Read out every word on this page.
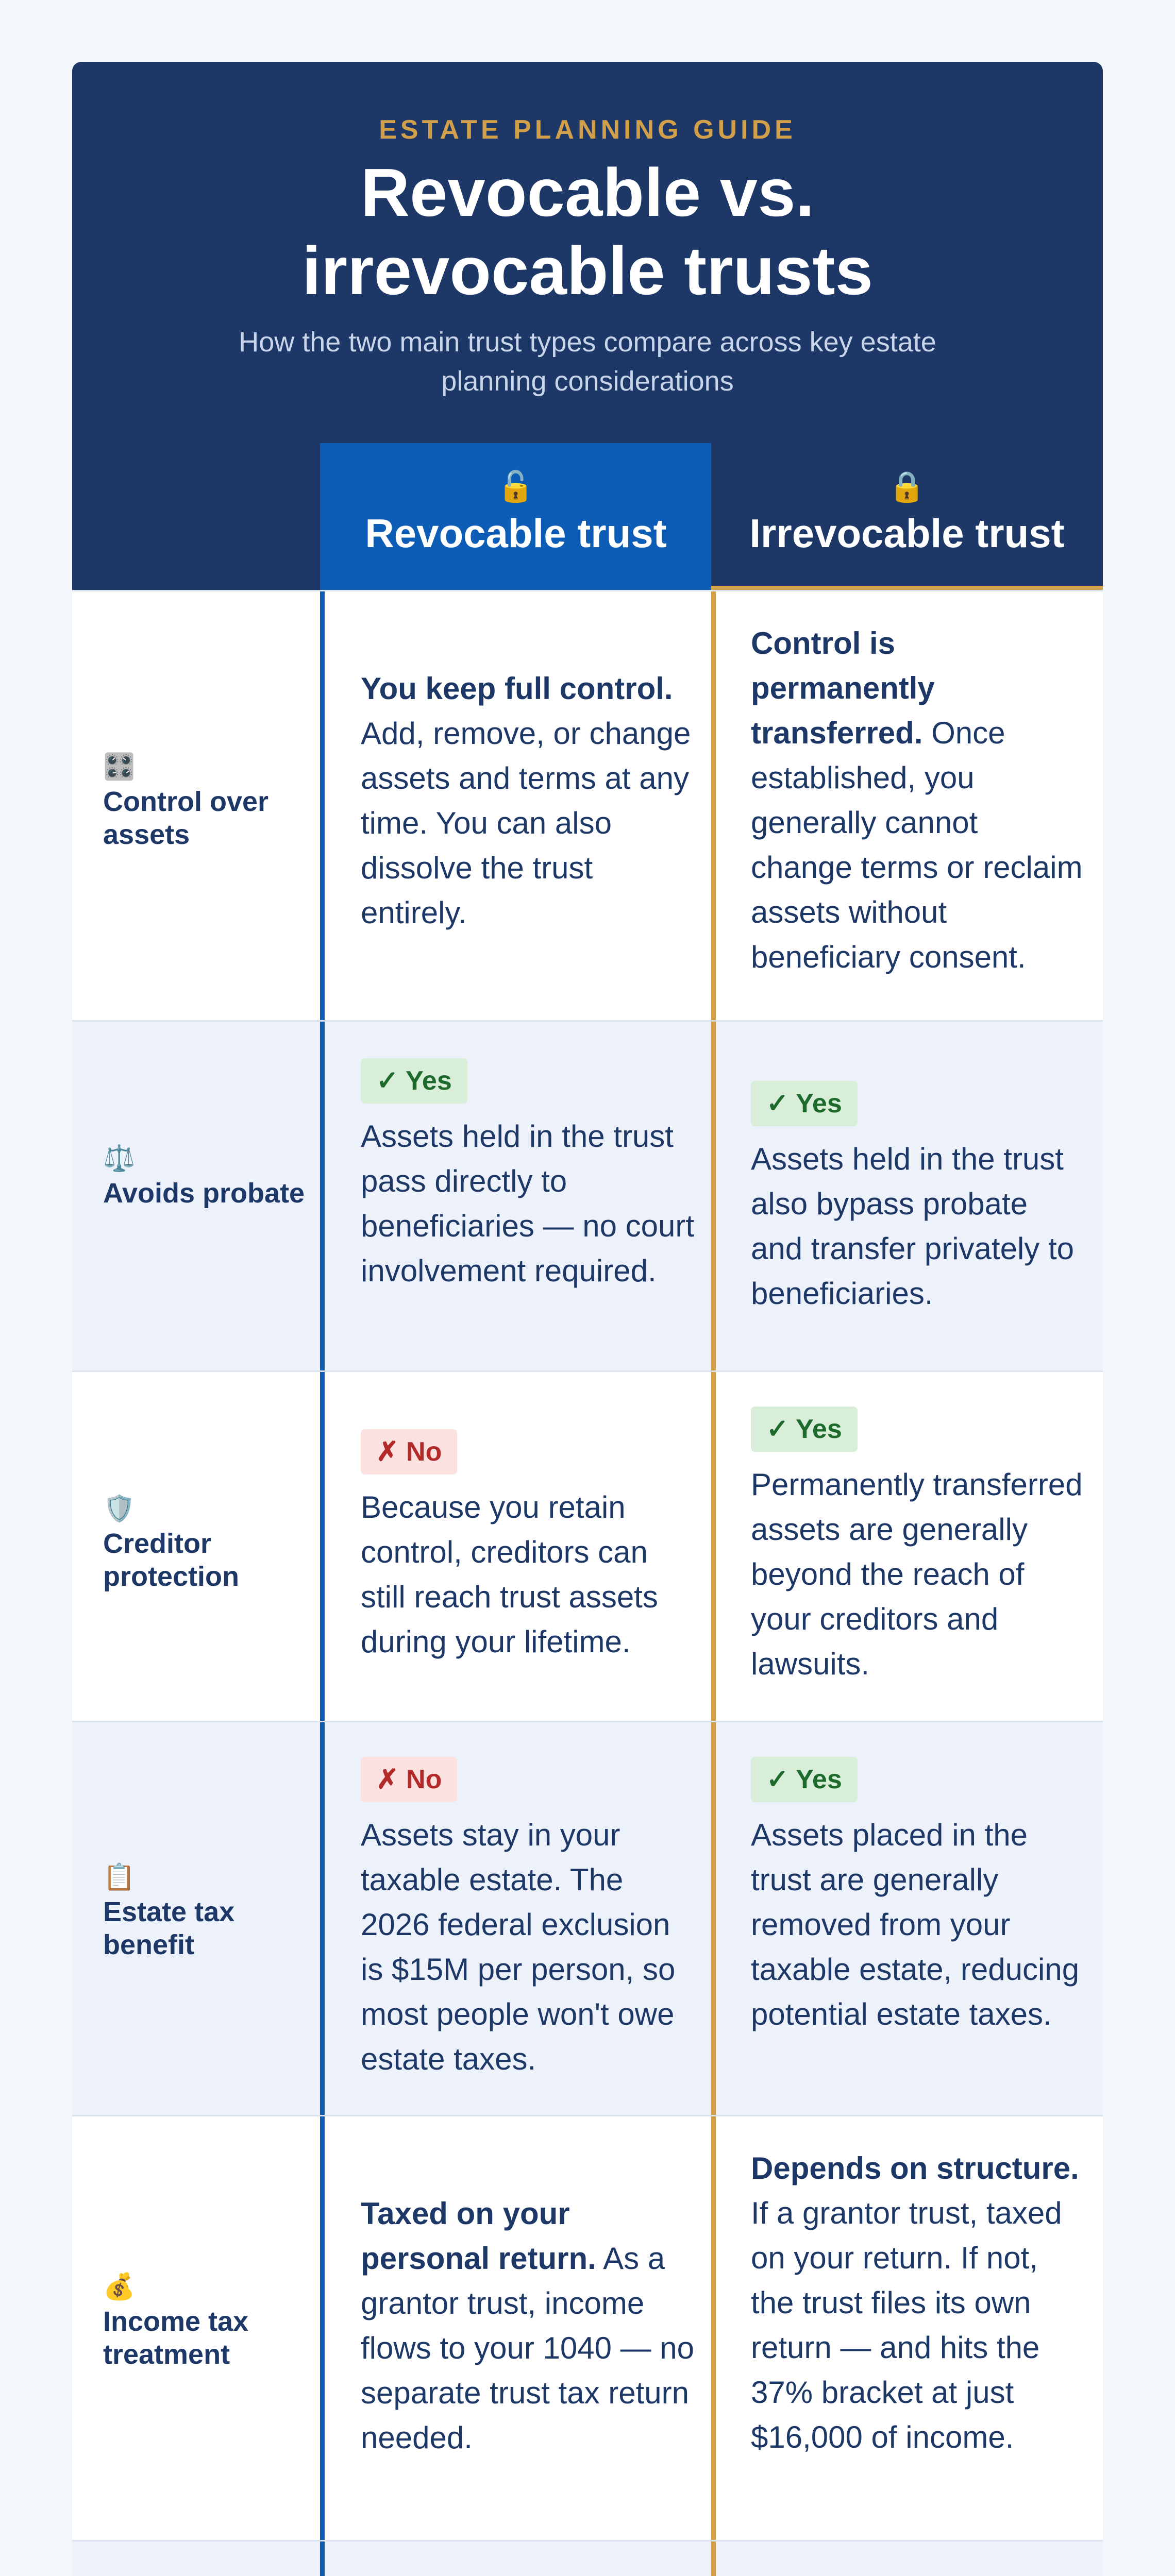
ESTATE PLANNING GUIDE
Revocable vs. irrevocable trusts
How the two main trust types compare across key estate planning considerations
🔓
Revocable trust
🔒
Irrevocable trust
🎛️
Control over assets
You keep full control. Add, remove, or change assets and terms at any time. You can also dissolve the trust entirely.
Control is permanently transferred. Once established, you generally cannot change terms or reclaim assets without beneficiary consent.
⚖️
Avoids probate
✓ Yes
Assets held in the trust pass directly to beneficiaries — no court involvement required.
✓ Yes
Assets held in the trust also bypass probate and transfer privately to beneficiaries.
🛡️
Creditor protection
✗ No
Because you retain control, creditors can still reach trust assets during your lifetime.
✓ Yes
Permanently transferred assets are generally beyond the reach of your creditors and lawsuits.
📋
Estate tax benefit
✗ No
Assets stay in your taxable estate. The 2026 federal exclusion is $15M per person, so most people won't owe estate taxes.
✓ Yes
Assets placed in the trust are generally removed from your taxable estate, reducing potential estate taxes.
💰
Income tax treatment
Taxed on your personal return. As a grantor trust, income flows to your 1040 — no separate trust tax return needed.
Depends on structure. If a grantor trust, taxed on your return. If not, the trust files its own return — and hits the 37% bracket at just $16,000 of income.
